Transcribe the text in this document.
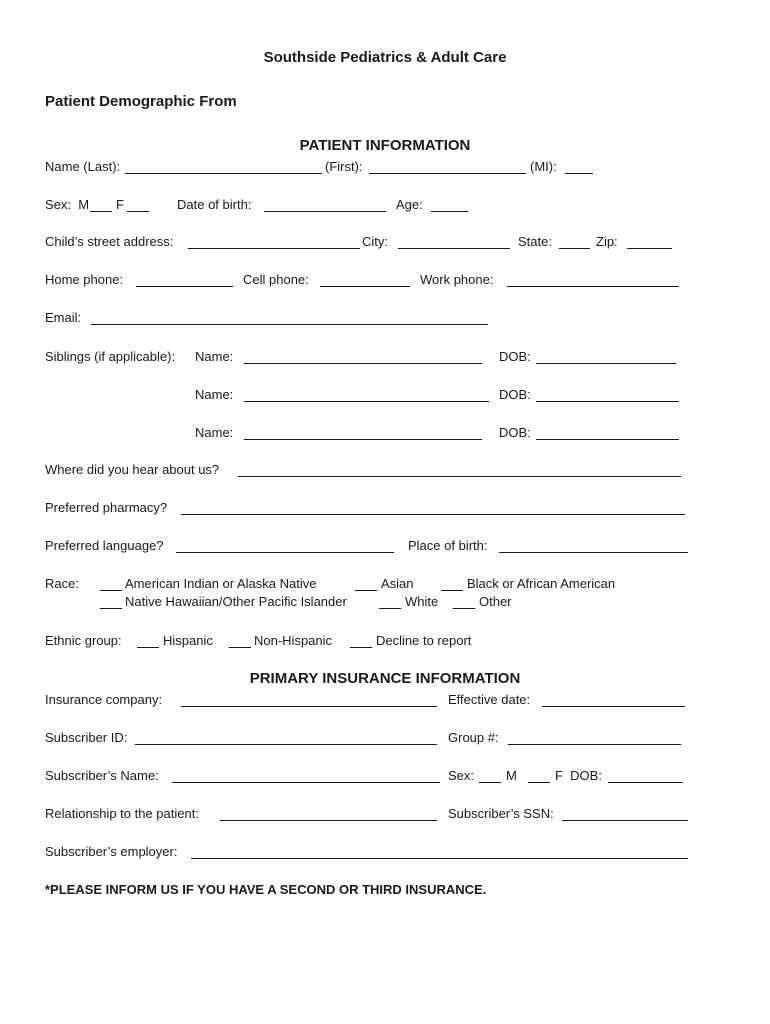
Southside Pediatrics & Adult Care
Patient Demographic From
PATIENT INFORMATION
Name (Last):	(First):	(MI):
Sex:  M F	Date of birth:	Age:
Child’s street address:	City:	State:	Zip:
Home phone:	Cell phone:	Work phone:
Email:
Siblings (if applicable): Name:	DOB:
Name:	DOB:
Name:	DOB:
Where did you hear about us?
Preferred pharmacy?
Preferred language?	Place of birth:
Race:	American Indian or Alaska Native	Asian	Black or African American
Native Hawaiian/Other Pacific Islander	White	Other
Ethnic group:	Hispanic	Non-Hispanic	Decline to report
PRIMARY INSURANCE INFORMATION
Insurance company:	Effective date:
Subscriber ID:	Group #:
Subscriber’s Name:	Sex: M	F  DOB:
Relationship to the patient:	Subscriber’s SSN:
Subscriber’s employer:
*PLEASE INFORM US IF YOU HAVE A SECOND OR THIRD INSURANCE.
